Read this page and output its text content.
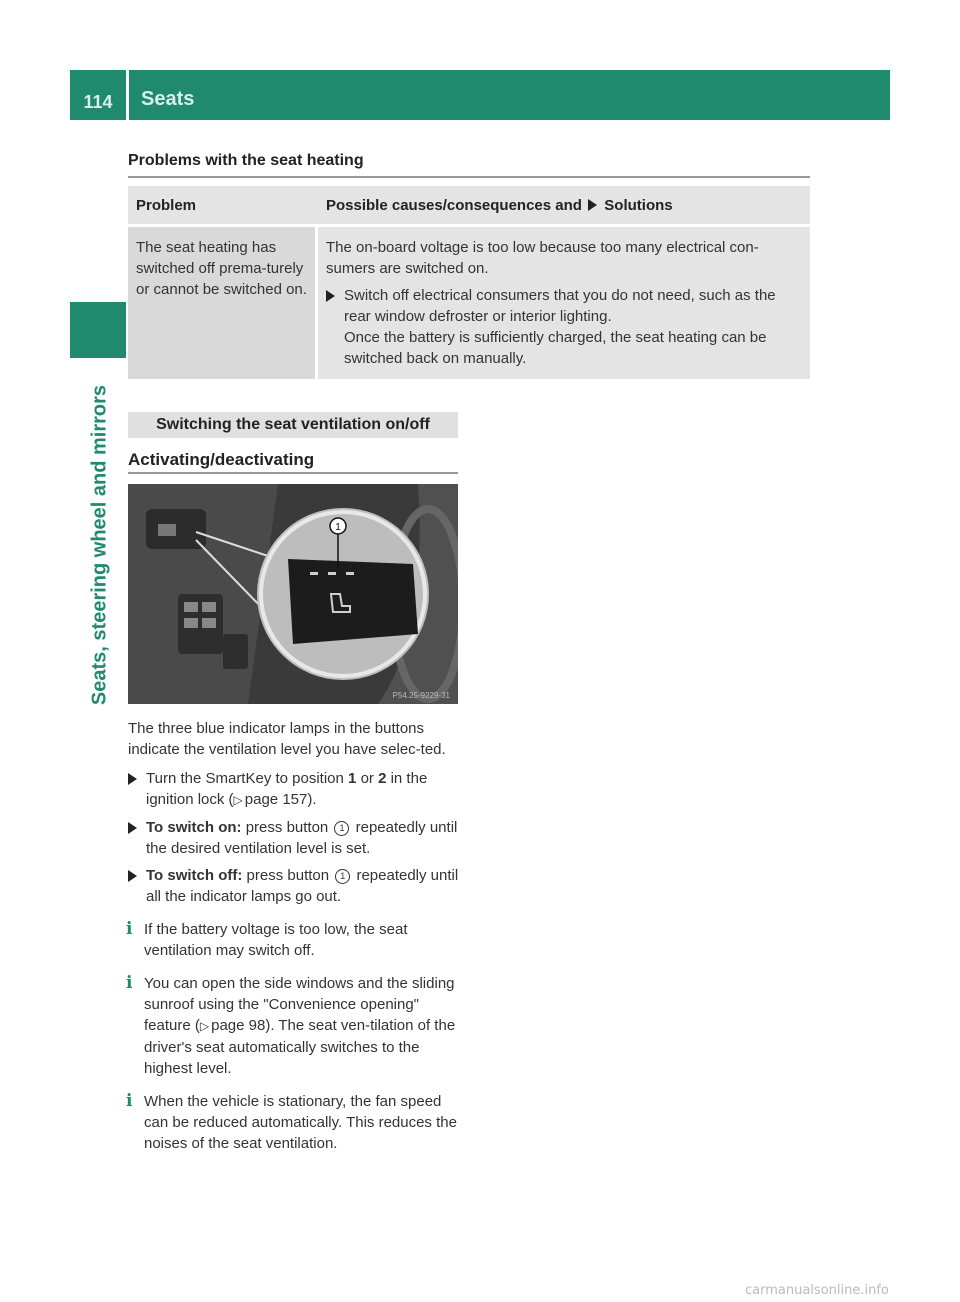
114	Seats
Seats, steering wheel and mirrors
Problems with the seat heating
Problem	Possible causes/consequences and Solutions
The seat heating has switched off prema-turely or cannot be switched on.	The on-board voltage is too low because too many electrical con-sumers are switched on.
Switch off electrical consumers that you do not need, such as the rear window defroster or interior lighting.
Once the battery is sufficiently charged, the seat heating can be switched back on manually.
Switching the seat ventilation on/off
Activating/deactivating
1
P54.25-9229-31

The three blue indicator lamps in the buttons indicate the ventilation level you have selec-ted.

Turn the SmartKey to position 1 or 2 in the ignition lock (▷ page 157).
To switch on: press button 1 repeatedly until the desired ventilation level is set.
To switch off: press button 1 repeatedly until all the indicator lamps go out.
i If the battery voltage is too low, the seat ventilation may switch off.
i You can open the side windows and the sliding sunroof using the "Convenience opening" feature (▷ page 98). The seat ven-tilation of the driver's seat automatically switches to the highest level.
i When the vehicle is stationary, the fan speed can be reduced automatically. This reduces the noises of the seat ventilation.
carmanualsonline.info
